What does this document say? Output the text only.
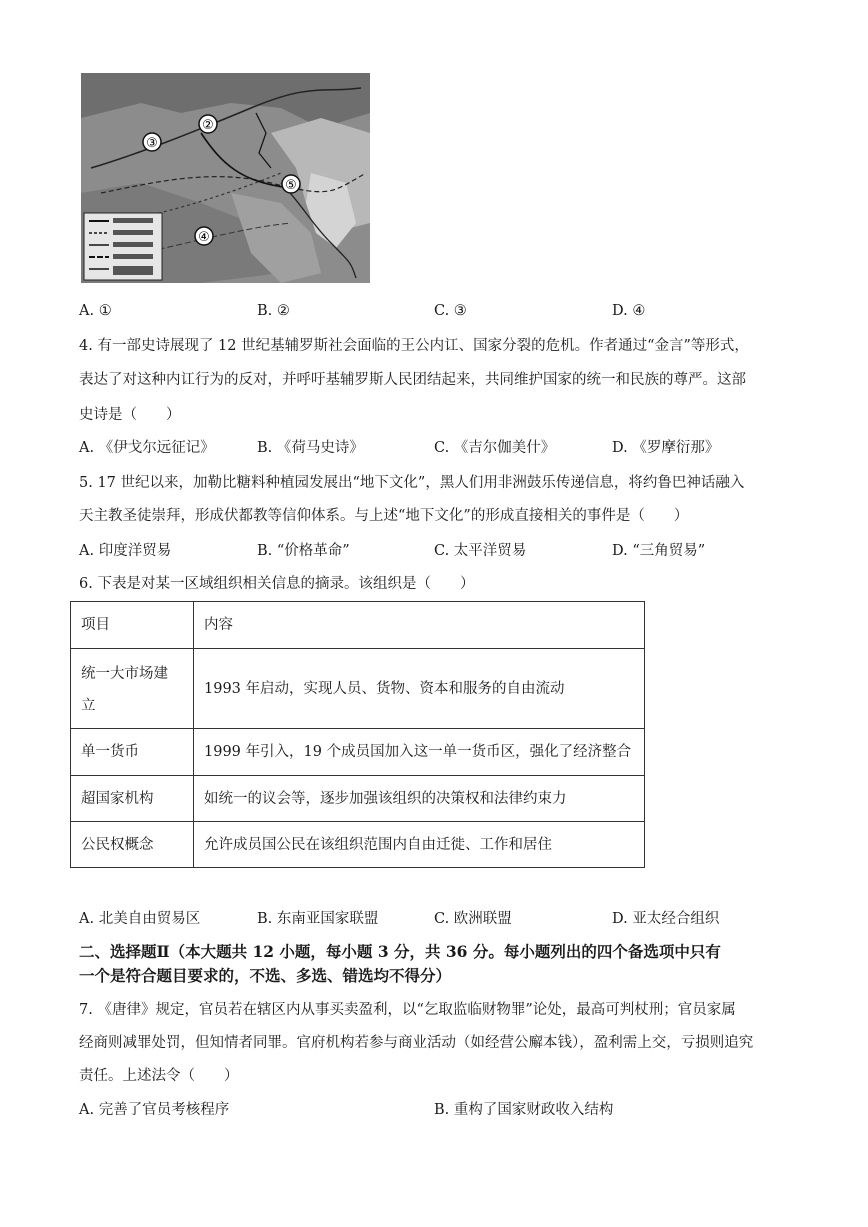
③
②
⑤
④
A. ①	B. ②	C. ③	D. ④
4. 有一部史诗展现了 12 世纪基辅罗斯社会面临的王公内讧、国家分裂的危机。作者通过“金言”等形式，
表达了对这种内讧行为的反对，并呼吁基辅罗斯人民团结起来，共同维护国家的统一和民族的尊严。这部
史诗是（　　）
A. 《伊戈尔远征记》	B. 《荷马史诗》	C. 《吉尔伽美什》	D. 《罗摩衍那》
5. 17 世纪以来，加勒比糖料种植园发展出“地下文化”，黑人们用非洲鼓乐传递信息，将约鲁巴神话融入
天主教圣徒崇拜，形成伏都教等信仰体系。与上述“地下文化”的形成直接相关的事件是（　　）
A. 印度洋贸易	B. “价格革命”	C. 太平洋贸易	D. “三角贸易”
6. 下表是对某一区域组织相关信息的摘录。该组织是（　　）
项目	内容

统一大市场建
立	1993 年启动，实现人员、货物、资本和服务的自由流动
单一货币	1999 年引入，19 个成员国加入这一单一货币区，强化了经济整合
超国家机构	如统一的议会等，逐步加强该组织的决策权和法律约束力
公民权概念	允许成员国公民在该组织范围内自由迁徙、工作和居住
A. 北美自由贸易区	B. 东南亚国家联盟	C. 欧洲联盟	D. 亚太经合组织
二、选择题Ⅱ（本大题共 12 小题，每小题 3 分，共 36 分。每小题列出的四个备选项中只有
一个是符合题目要求的，不选、多选、错选均不得分）
7. 《唐律》规定，官员若在辖区内从事买卖盈利，以“乞取监临财物罪”论处，最高可判杖刑；官员家属
经商则减罪处罚，但知情者同罪。官府机构若参与商业活动（如经营公廨本钱），盈利需上交，亏损则追究
责任。上述法令（　　）
A. 完善了官员考核程序	B. 重构了国家财政收入结构
